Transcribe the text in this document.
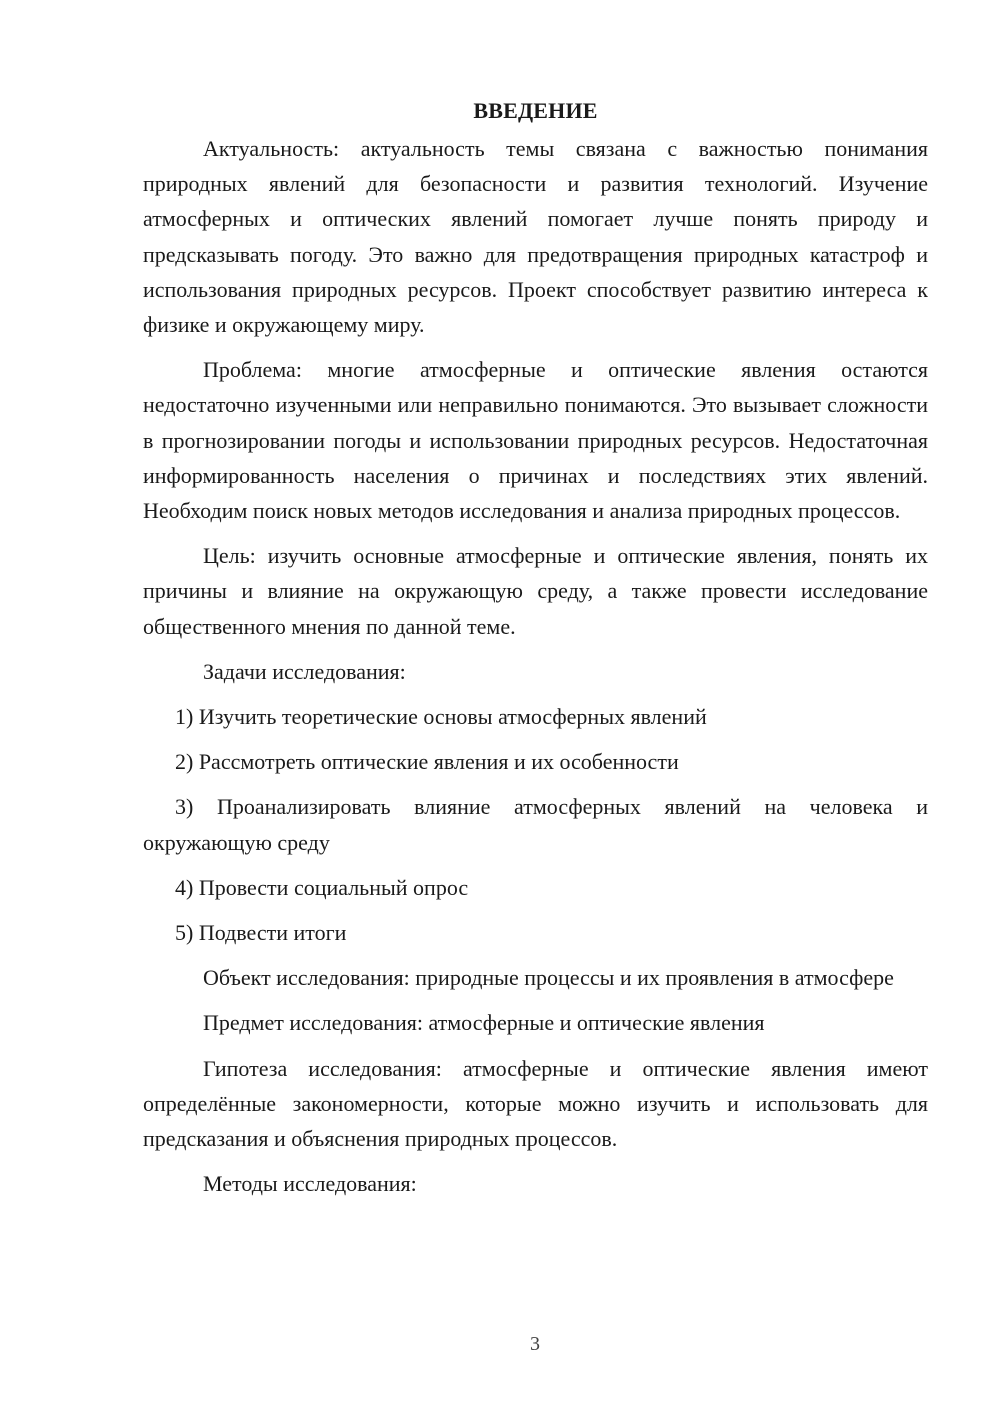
ВВЕДЕНИЕ

Актуальность: актуальность темы связана с важностью понимания природных явлений для безопасности и развития технологий. Изучение атмосферных и оптических явлений помогает лучше понять природу и предсказывать погоду. Это важно для предотвращения природных катастроф и использования природных ресурсов. Проект способствует развитию интереса к физике и окружающему миру.

Проблема: многие атмосферные и оптические явления остаются недостаточно изученными или неправильно понимаются. Это вызывает сложности в прогнозировании погоды и использовании природных ресурсов. Недостаточная информированность населения о причинах и последствиях этих явлений. Необходим поиск новых методов исследования и анализа природных процессов.

Цель: изучить основные атмосферные и оптические явления, понять их причины и влияние на окружающую среду, а также провести исследование общественного мнения по данной теме.

Задачи исследования:

1) Изучить теоретические основы атмосферных явлений

2) Рассмотреть оптические явления и их особенности

3) Проанализировать влияние атмосферных явлений на человека и окружающую среду

4) Провести социальный опрос

5) Подвести итоги

Объект исследования: природные процессы и их проявления в атмосфере

Предмет исследования: атмосферные и оптические явления

Гипотеза исследования: атмосферные и оптические явления имеют определённые закономерности, которые можно изучить и использовать для предсказания и объяснения природных процессов.

Методы исследования:

3
